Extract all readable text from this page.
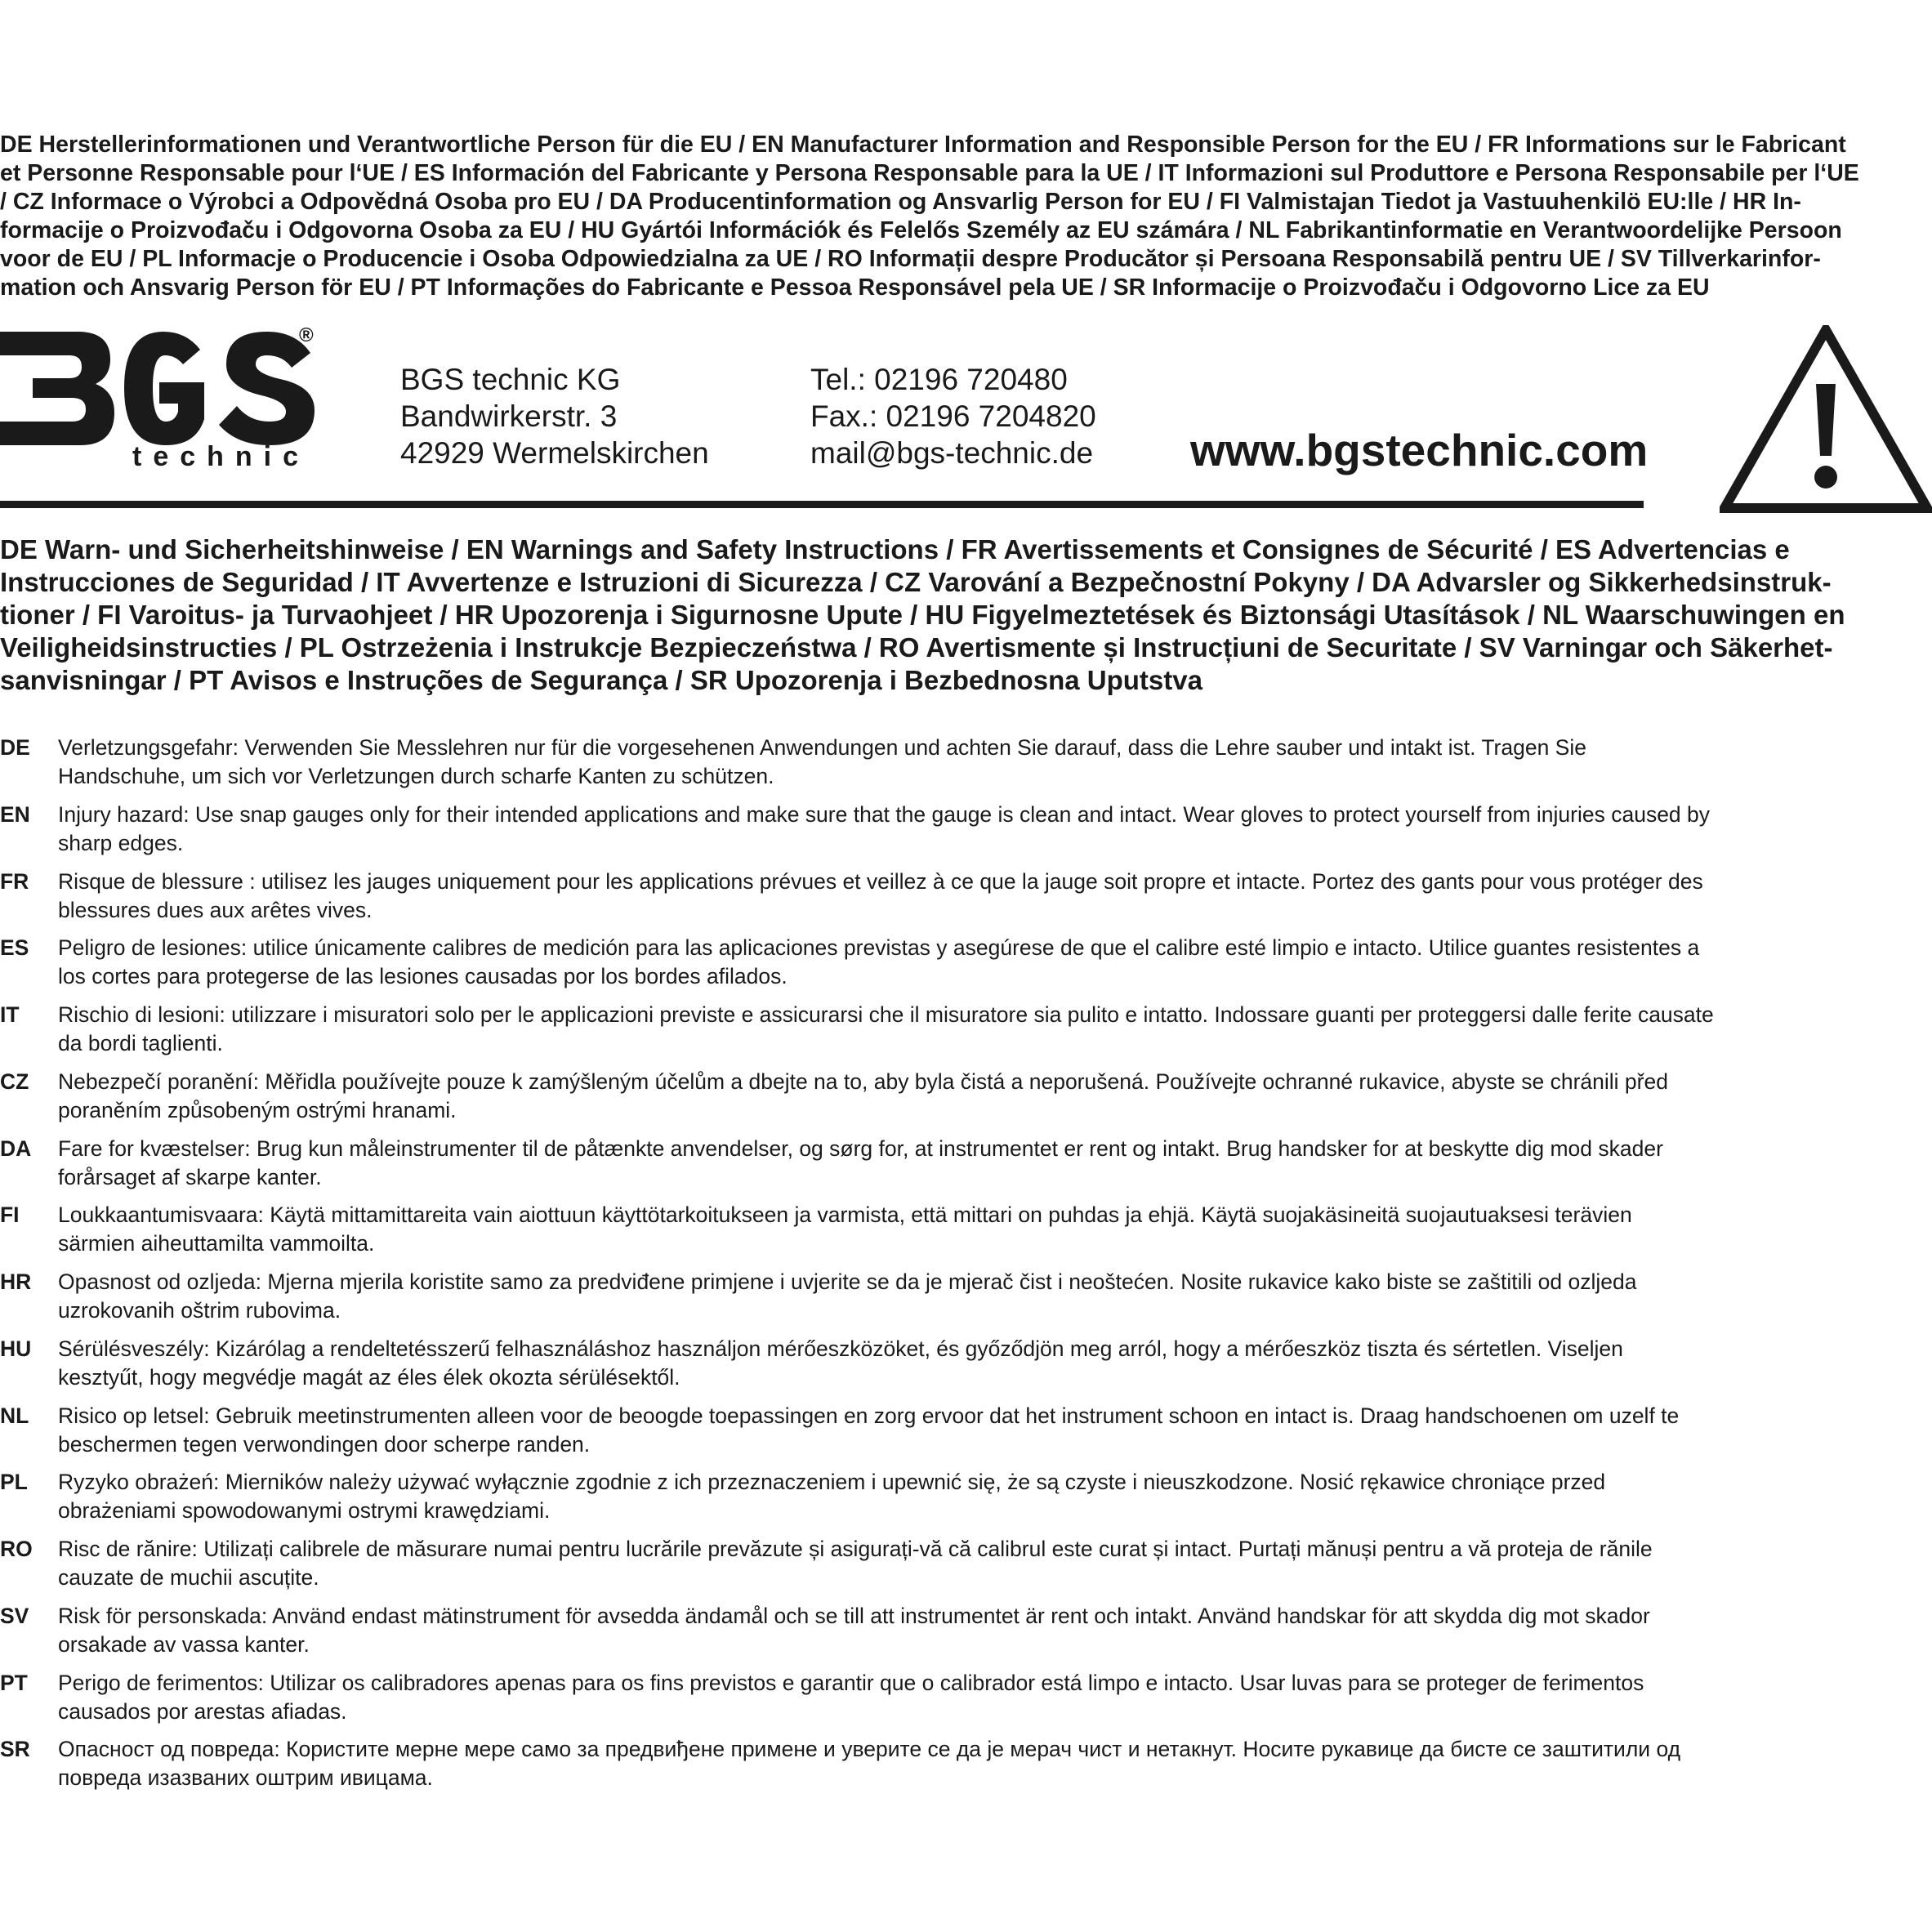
DE Herstellerinformationen und Verantwortliche Person für die EU / EN Manufacturer Information and Responsible Person for the EU / FR Informations sur le Fabricant
et Personne Responsable pour l‘UE / ES Información del Fabricante y Persona Responsable para la UE / IT Informazioni sul Produttore e Persona Responsabile per l‘UE
/ CZ Informace o Výrobci a Odpovědná Osoba pro EU / DA Producentinformation og Ansvarlig Person for EU / FI Valmistajan Tiedot ja Vastuuhenkilö EU:lle / HR In-
formacije o Proizvođaču i Odgovorna Osoba za EU / HU Gyártói Információk és Felelős Személy az EU számára / NL Fabrikantinformatie en Verantwoordelijke Persoon
voor de EU / PL Informacje o Producencie i Osoba Odpowiedzialna za UE / RO Informații despre Producător și Persoana Responsabilă pentru UE / SV Tillverkarinfor-
mation och Ansvarig Person för EU / PT Informações do Fabricante e Pessoa Responsável pela UE / SR Informacije o Proizvođaču i Odgovorno Lice za EU

®
technic
BGS technic KG
Bandwirkerstr. 3
42929 Wermelskirchen
Tel.: 02196 720480
Fax.: 02196 7204820
mail@bgs-technic.de www.bgstechnic.com

DE Warn- und Sicherheitshinweise / EN Warnings and Safety Instructions / FR Avertissements et Consignes de Sécurité / ES Advertencias e
Instrucciones de Seguridad / IT Avvertenze e Istruzioni di Sicurezza / CZ Varování a Bezpečnostní Pokyny / DA Advarsler og Sikkerhedsinstruk-
tioner / FI Varoitus- ja Turvaohjeet / HR Upozorenja i Sigurnosne Upute / HU Figyelmeztetések és Biztonsági Utasítások / NL Waarschuwingen en
Veiligheidsinstructies / PL Ostrzeżenia i Instrukcje Bezpieczeństwa / RO Avertismente și Instrucțiuni de Securitate / SV Varningar och Säkerhet-
sanvisningar / PT Avisos e Instruções de Segurança / SR Upozorenja i Bezbednosna Uputstva

DE Verletzungsgefahr: Verwenden Sie Messlehren nur für die vorgesehenen Anwendungen und achten Sie darauf, dass die Lehre sauber und intakt ist. Tragen Sie
Handschuhe, um sich vor Verletzungen durch scharfe Kanten zu schützen.
EN Injury hazard: Use snap gauges only for their intended applications and make sure that the gauge is clean and intact. Wear gloves to protect yourself from injuries caused by
sharp edges.
FR Risque de blessure : utilisez les jauges uniquement pour les applications prévues et veillez à ce que la jauge soit propre et intacte. Portez des gants pour vous protéger des
blessures dues aux arêtes vives.
ES Peligro de lesiones: utilice únicamente calibres de medición para las aplicaciones previstas y asegúrese de que el calibre esté limpio e intacto. Utilice guantes resistentes a
los cortes para protegerse de las lesiones causadas por los bordes afilados.
IT Rischio di lesioni: utilizzare i misuratori solo per le applicazioni previste e assicurarsi che il misuratore sia pulito e intatto. Indossare guanti per proteggersi dalle ferite causate
da bordi taglienti.
CZ Nebezpečí poranění: Měřidla používejte pouze k zamýšleným účelům a dbejte na to, aby byla čistá a neporušená. Používejte ochranné rukavice, abyste se chránili před
poraněním způsobeným ostrými hranami.
DA Fare for kvæstelser: Brug kun måleinstrumenter til de påtænkte anvendelser, og sørg for, at instrumentet er rent og intakt. Brug handsker for at beskytte dig mod skader
forårsaget af skarpe kanter.
FI Loukkaantumisvaara: Käytä mittamittareita vain aiottuun käyttötarkoitukseen ja varmista, että mittari on puhdas ja ehjä. Käytä suojakäsineitä suojautuaksesi terävien
särmien aiheuttamilta vammoilta.
HR Opasnost od ozljeda: Mjerna mjerila koristite samo za predviđene primjene i uvjerite se da je mjerač čist i neoštećen. Nosite rukavice kako biste se zaštitili od ozljeda
uzrokovanih oštrim rubovima.
HU Sérülésveszély: Kizárólag a rendeltetésszerű felhasználáshoz használjon mérőeszközöket, és győződjön meg arról, hogy a mérőeszköz tiszta és sértetlen. Viseljen
kesztyűt, hogy megvédje magát az éles élek okozta sérülésektől.
NL Risico op letsel: Gebruik meetinstrumenten alleen voor de beoogde toepassingen en zorg ervoor dat het instrument schoon en intact is. Draag handschoenen om uzelf te
beschermen tegen verwondingen door scherpe randen.
PL Ryzyko obrażeń: Mierników należy używać wyłącznie zgodnie z ich przeznaczeniem i upewnić się, że są czyste i nieuszkodzone. Nosić rękawice chroniące przed
obrażeniami spowodowanymi ostrymi krawędziami.
RO Risc de rănire: Utilizați calibrele de măsurare numai pentru lucrările prevăzute și asigurați-vă că calibrul este curat și intact. Purtați mănuși pentru a vă proteja de rănile
cauzate de muchii ascuțite.
SV Risk för personskada: Använd endast mätinstrument för avsedda ändamål och se till att instrumentet är rent och intakt. Använd handskar för att skydda dig mot skador
orsakade av vassa kanter.
PT Perigo de ferimentos: Utilizar os calibradores apenas para os fins previstos e garantir que o calibrador está limpo e intacto. Usar luvas para se proteger de ferimentos
causados por arestas afiadas.
SR Опасност од повреда: Користите мерне мере само за предвиђене примене и уверите се да је мерач чист и нетакнут. Носите рукавице да бисте се заштитили од
повреда изазваних оштрим ивицама.
